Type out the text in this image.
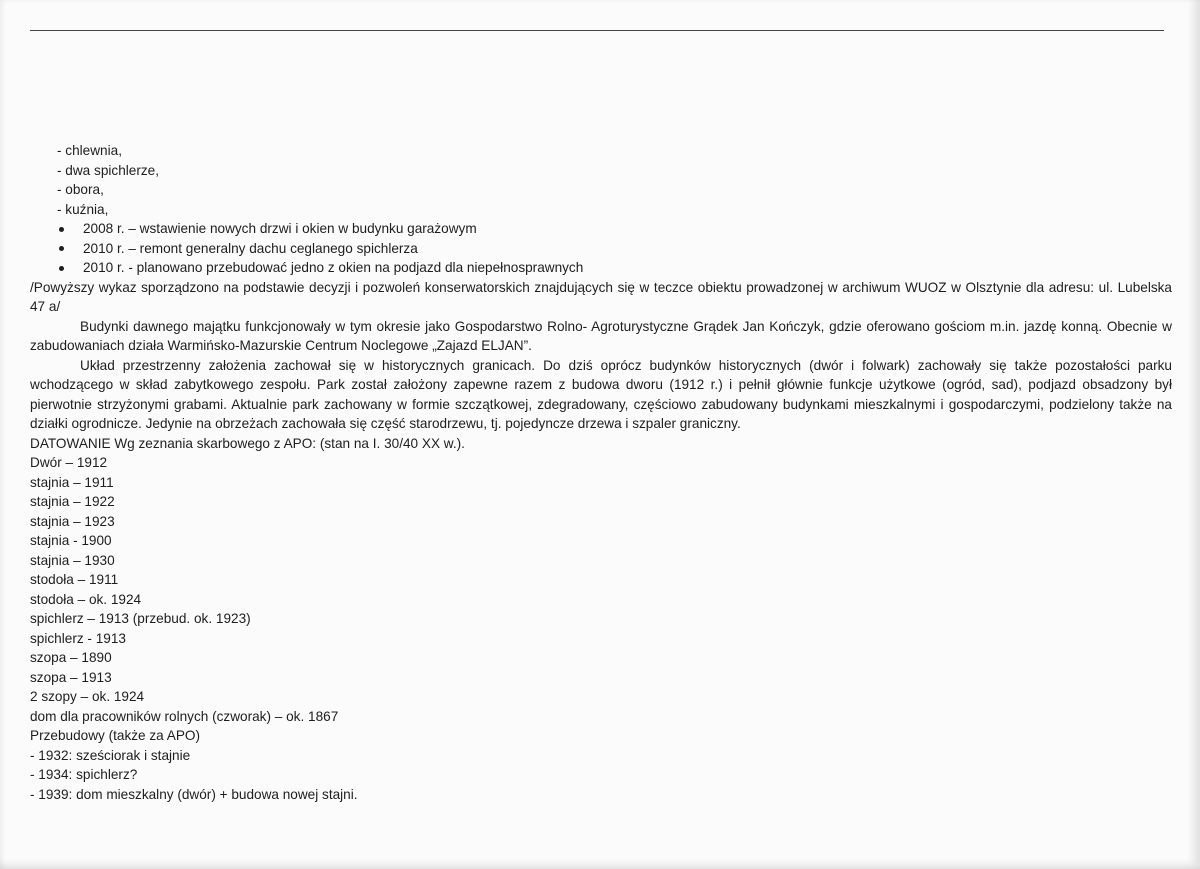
- chlewnia,
- dwa spichlerze,
- obora,
- kuźnia,
2008 r. – wstawienie nowych drzwi i okien w budynku garażowym
2010 r. – remont generalny dachu ceglanego spichlerza
2010 r. - planowano przebudować jedno z okien na podjazd dla niepełnosprawnych

/Powyższy wykaz sporządzono na podstawie decyzji i pozwoleń konserwatorskich znajdujących się w teczce obiektu prowadzonej w archiwum WUOZ w Olsztynie dla adresu: ul. Lubelska 47 a/

Budynki dawnego majątku funkcjonowały w tym okresie jako Gospodarstwo Rolno- Agroturystyczne Grądek Jan Kończyk, gdzie oferowano gościom m.in. jazdę konną. Obecnie w zabudowaniach działa Warmińsko-Mazurskie Centrum Noclegowe „Zajazd ELJAN”.

Układ przestrzenny założenia zachował się w historycznych granicach. Do dziś oprócz budynków historycznych (dwór i folwark) zachowały się także pozostałości parku wchodzącego w skład zabytkowego zespołu. Park został założony zapewne razem z budowa dworu (1912 r.) i pełnił głównie funkcje użytkowe (ogród, sad), podjazd obsadzony był pierwotnie strzyżonymi grabami. Aktualnie park zachowany w formie szczątkowej, zdegradowany, częściowo zabudowany budynkami mieszkalnymi i gospodarczymi, podzielony także na działki ogrodnicze. Jedynie na obrzeżach zachowała się część starodrzewu, tj. pojedyncze drzewa i szpaler graniczny.

DATOWANIE Wg zeznania skarbowego z APO: (stan na I. 30/40 XX w.).
Dwór – 1912
stajnia – 1911
stajnia – 1922
stajnia – 1923
stajnia - 1900
stajnia – 1930
stodoła – 1911
stodoła – ok. 1924
spichlerz – 1913 (przebud. ok. 1923)
spichlerz - 1913
szopa – 1890
szopa – 1913
2 szopy – ok. 1924
dom dla pracowników rolnych (czworak) – ok. 1867
Przebudowy (także za APO)
- 1932: sześciorak i stajnie
- 1934: spichlerz?
- 1939: dom mieszkalny (dwór) + budowa nowej stajni.
